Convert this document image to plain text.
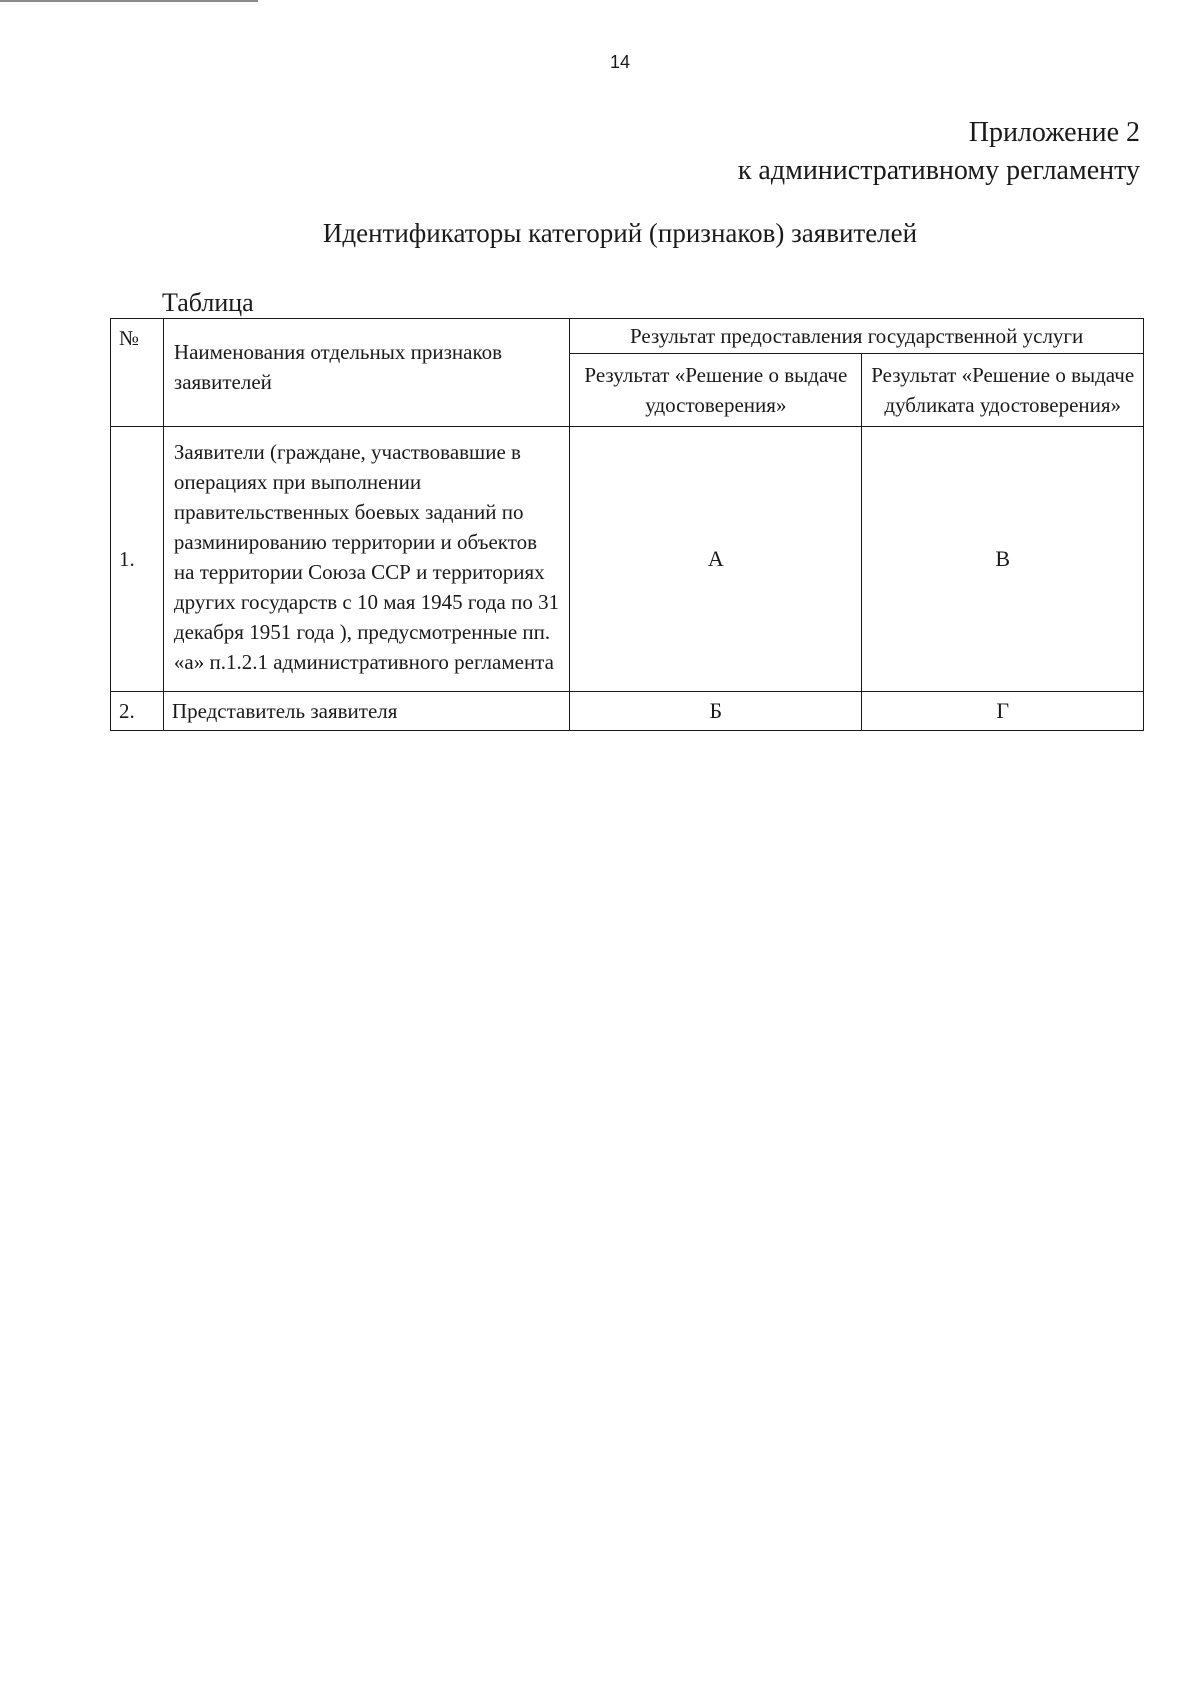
14
Приложение 2
к административному регламенту
Идентификаторы категорий (признаков) заявителей
Таблица
№	Наименования отдельных признаков заявителей	Результат предоставления государственной услуги	
		Результат «Решение о выдаче удостоверения»	Результат «Решение о выдаче дубликата удостоверения»
1.	Заявители (граждане, участвовавшие в операциях при выполнении правительственных боевых заданий по разминированию территории и объектов на территории Союза ССР и территориях других государств с 10 мая 1945 года по 31 декабря 1951 года ), предусмотренные пп. «а» п.1.2.1 административного регламента	А	В
2.	Представитель заявителя	Б	Г
